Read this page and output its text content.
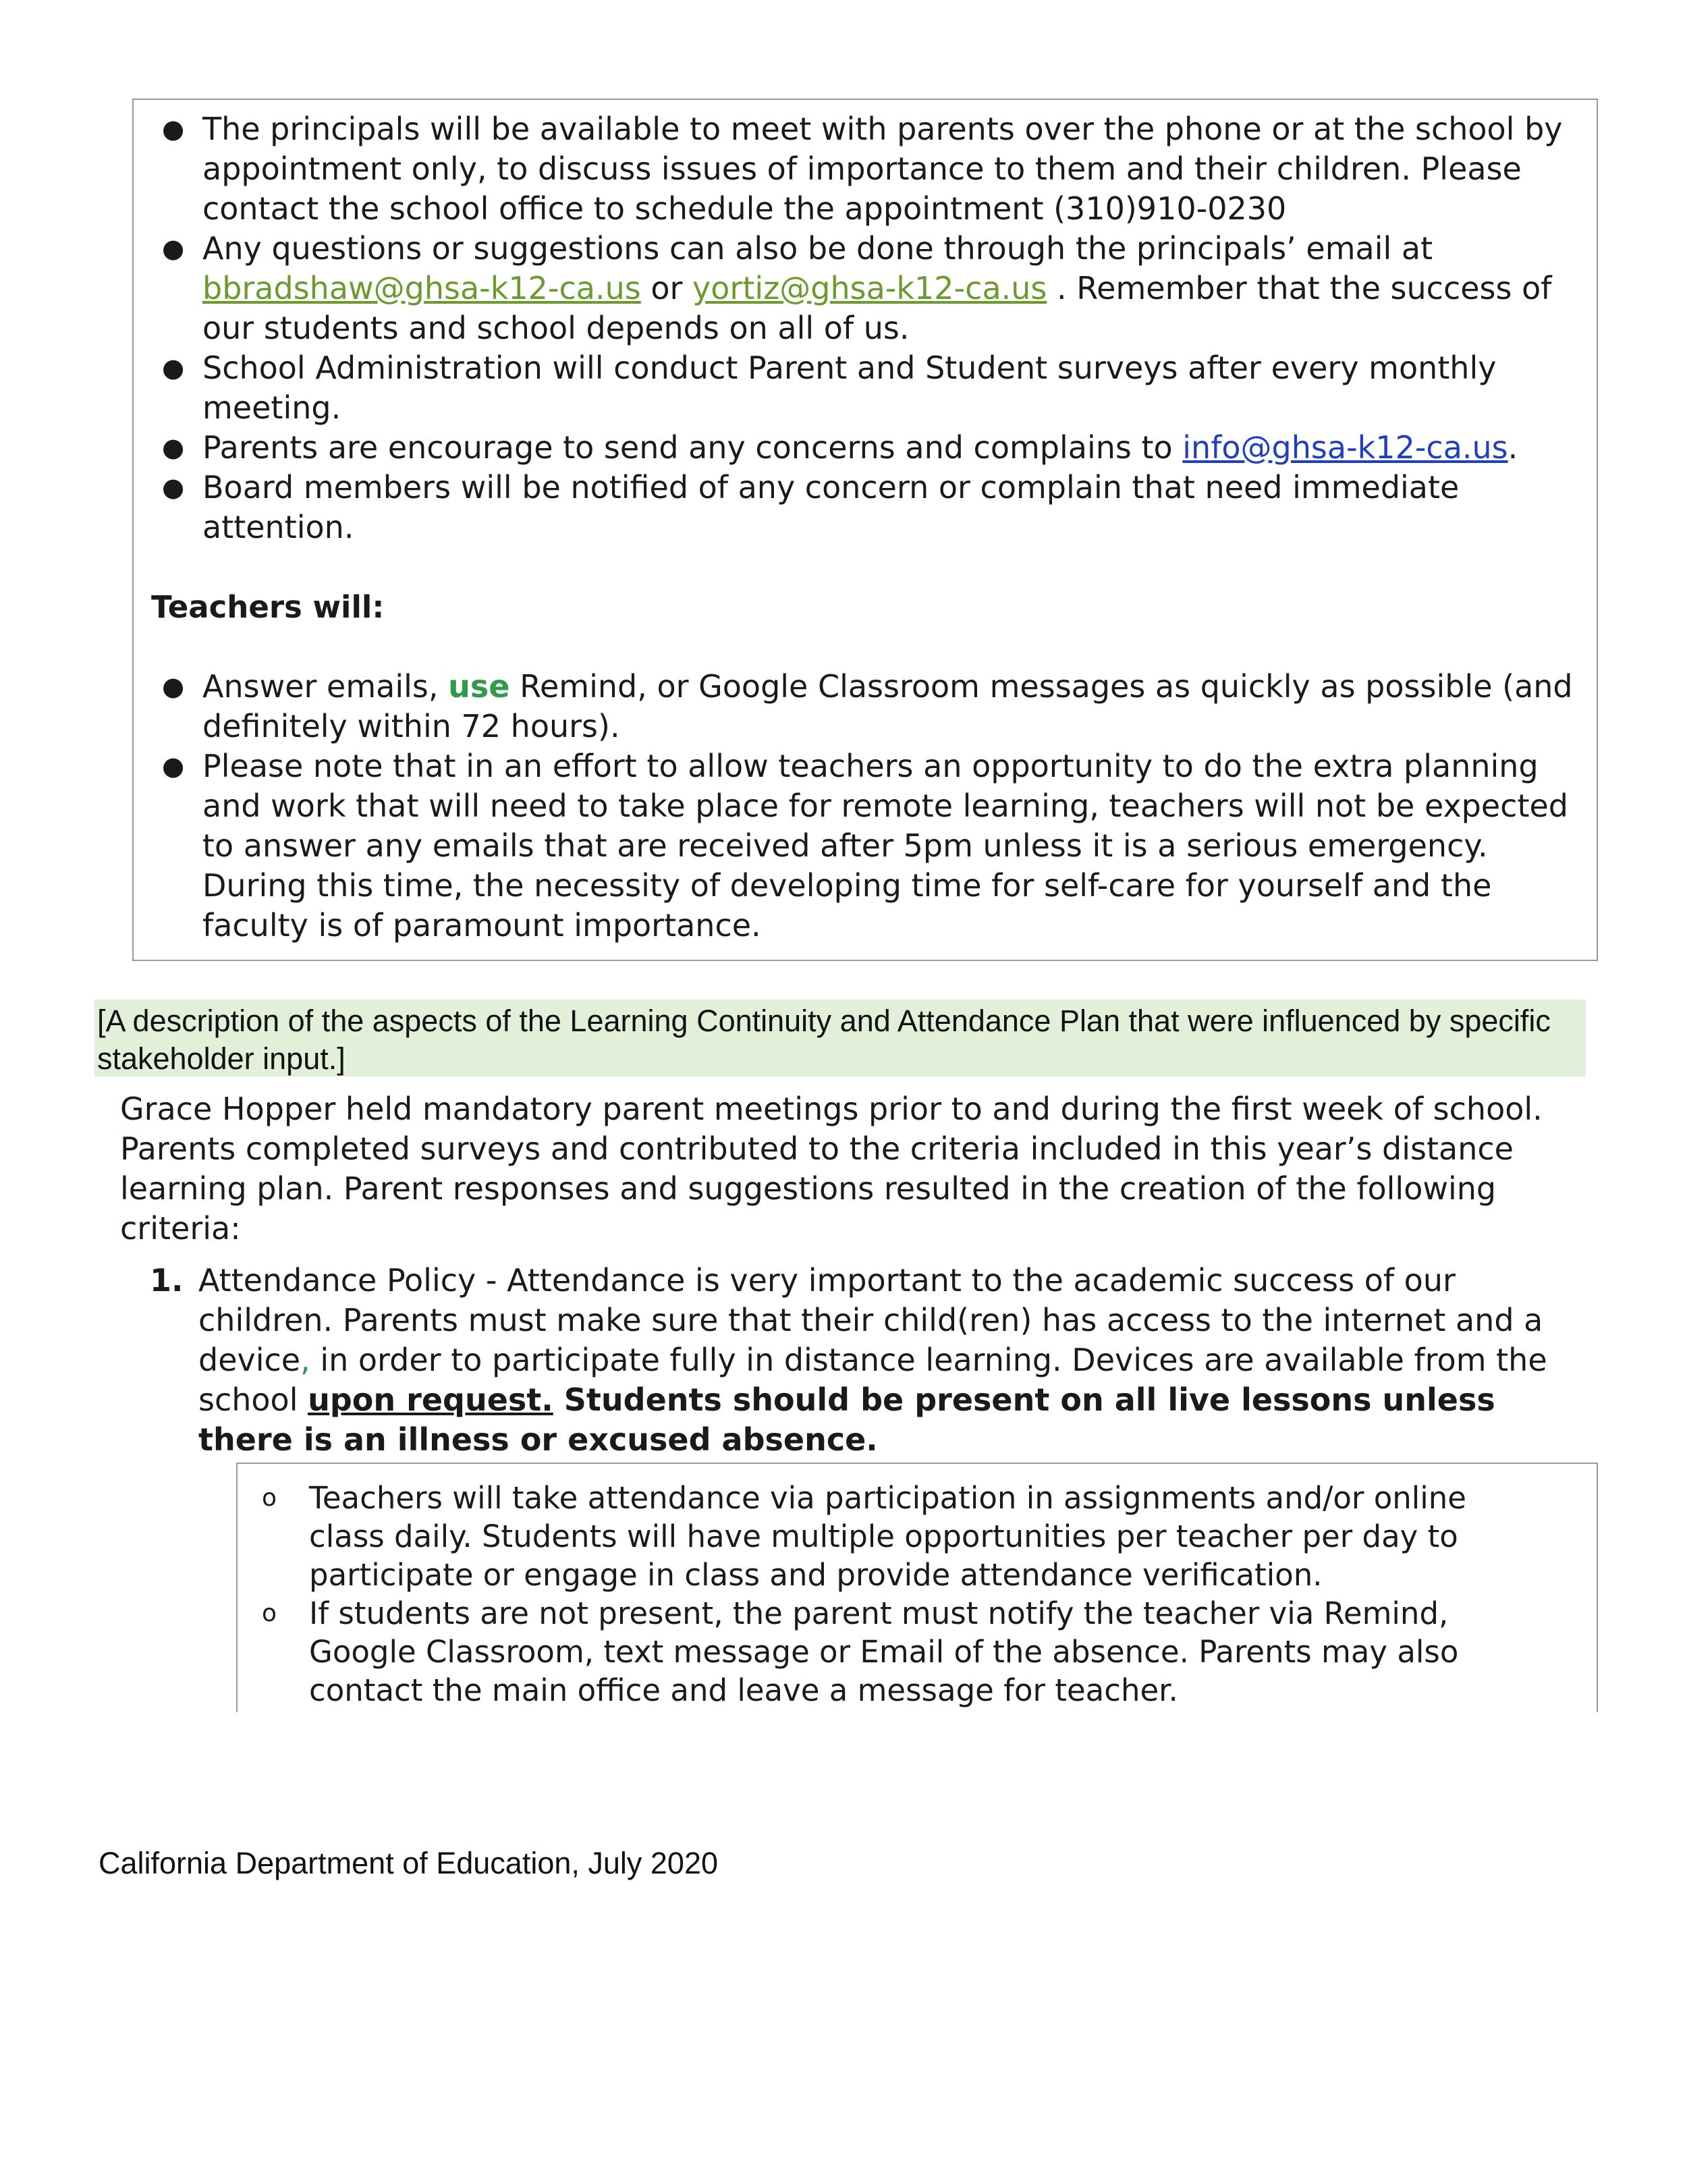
● The principals will be available to meet with parents over the phone or at the school by appointment only, to discuss issues of importance to them and their children. Please contact the school office to schedule the appointment (310)910-0230
● Any questions or suggestions can also be done through the principals’ email at bbradshaw@ghsa-k12-ca.us or yortiz@ghsa-k12-ca.us . Remember that the success of our students and school depends on all of us.
● School Administration will conduct Parent and Student surveys after every monthly meeting.
● Parents are encourage to send any concerns and complains to info@ghsa-k12-ca.us.
● Board members will be notified of any concern or complain that need immediate attention.
Teachers will:
● Answer emails, use Remind, or Google Classroom messages as quickly as possible (and definitely within 72 hours).
● Please note that in an effort to allow teachers an opportunity to do the extra planning and work that will need to take place for remote learning, teachers will not be expected to answer any emails that are received after 5pm unless it is a serious emergency. During this time, the necessity of developing time for self-care for yourself and the faculty is of paramount importance.
[A description of the aspects of the Learning Continuity and Attendance Plan that were influenced by specific stakeholder input.]
Grace Hopper held mandatory parent meetings prior to and during the first week of school. Parents completed surveys and contributed to the criteria included in this year’s distance learning plan. Parent responses and suggestions resulted in the creation of the following criteria:
1. Attendance Policy - Attendance is very important to the academic success of our children. Parents must make sure that their child(ren) has access to the internet and a device, in order to participate fully in distance learning. Devices are available from the school upon request. Students should be present on all live lessons unless there is an illness or excused absence.
o Teachers will take attendance via participation in assignments and/or online class daily. Students will have multiple opportunities per teacher per day to participate or engage in class and provide attendance verification.
o If students are not present, the parent must notify the teacher via Remind, Google Classroom, text message or Email of the absence. Parents may also contact the main office and leave a message for teacher.
California Department of Education, July 2020
